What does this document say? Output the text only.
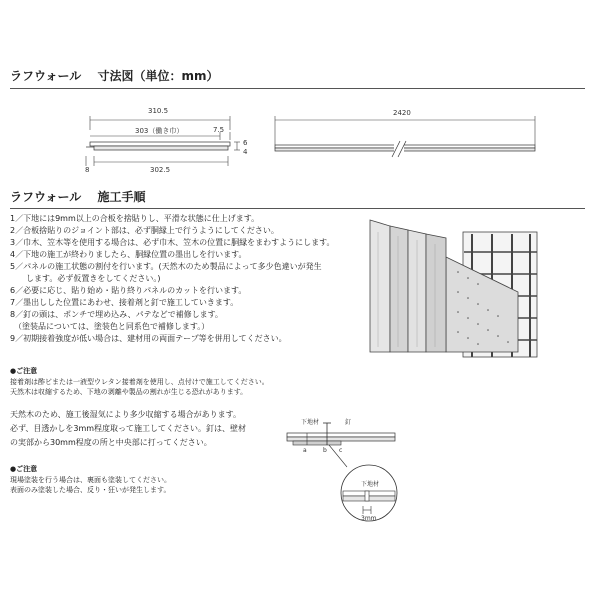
ラフウォール　 寸法図（単位：mm）
310.5
303（働き巾）	7.5
6
4
8	302.5
2420
ラフウォール　 施工手順
1／下地には9mm以上の合板を捨貼りし、平滑な状態に仕上げます。
2／合板捨貼りのジョイント部は、必ず胴縁上で行うようにしてください。
3／巾木、笠木等を使用する場合は、必ず巾木、笠木の位置に胴縁をまわすようにします。
4／下地の施工が終わりましたら、胴縁位置の墨出しを行います。
5／パネルの施工状態の割付を行います。(天然木のため製品によって多少色違いが発生
　　します。必ず仮置きをしてください。)
6／必要に応じ、貼り始め・貼り終りパネルのカットを行います。
7／墨出しした位置にあわせ、接着剤と釘で施工していきます。
8／釘の頭は、ポンチで埋め込み、パテなどで補修します。
　（塗装品については、塗装色と同系色で補修します。）
9／初期接着強度が低い場合は、建材用の両面テープ等を併用してください。
●ご注意
接着剤は酢ビまたは一液型ウレタン接着剤を使用し、点付けで施工してください。
天然木は収縮するため、下地の剥離や製品の割れが生じる恐れがあります。
天然木のため、施工後湿気により多少収縮する場合があります。
必ず、目透かしを3mm程度取って施工してください。釘は、壁材
の実部から30mm程度の所と中央部に打ってください。
●ご注意
現場塗装を行う場合は、裏面も塗装してください。
表面のみ塗装した場合、反り・狂いが発生します。
下地材	釘
a	b c
下地材
3mm
